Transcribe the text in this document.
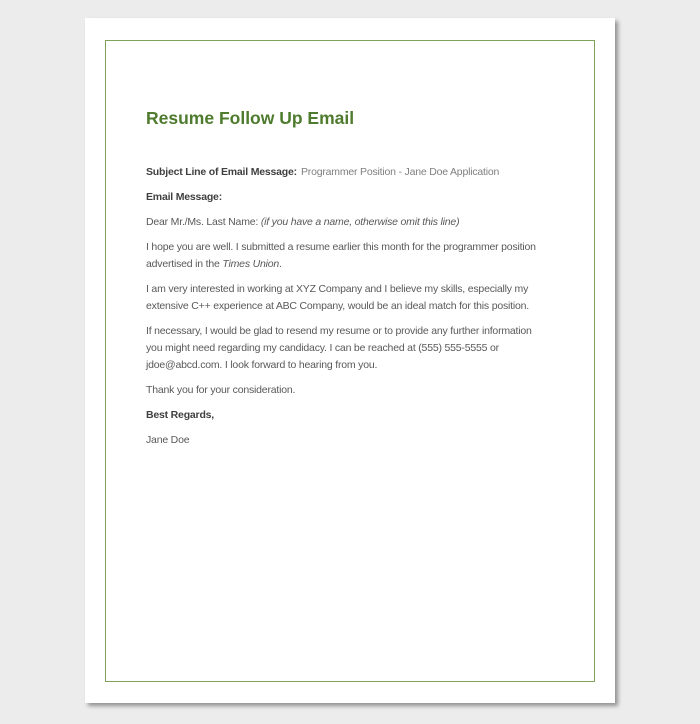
Resume Follow Up Email

Subject Line of Email Message: Programmer Position - Jane Doe Application

Email Message:

Dear Mr./Ms. Last Name: (if you have a name, otherwise omit this line)

I hope you are well. I submitted a resume earlier this month for the programmer position
advertised in the Times Union.

I am very interested in working at XYZ Company and I believe my skills, especially my
extensive C++ experience at ABC Company, would be an ideal match for this position.

If necessary, I would be glad to resend my resume or to provide any further information
you might need regarding my candidacy. I can be reached at (555) 555-5555 or
jdoe@abcd.com. I look forward to hearing from you.

Thank you for your consideration.

Best Regards,

Jane Doe
